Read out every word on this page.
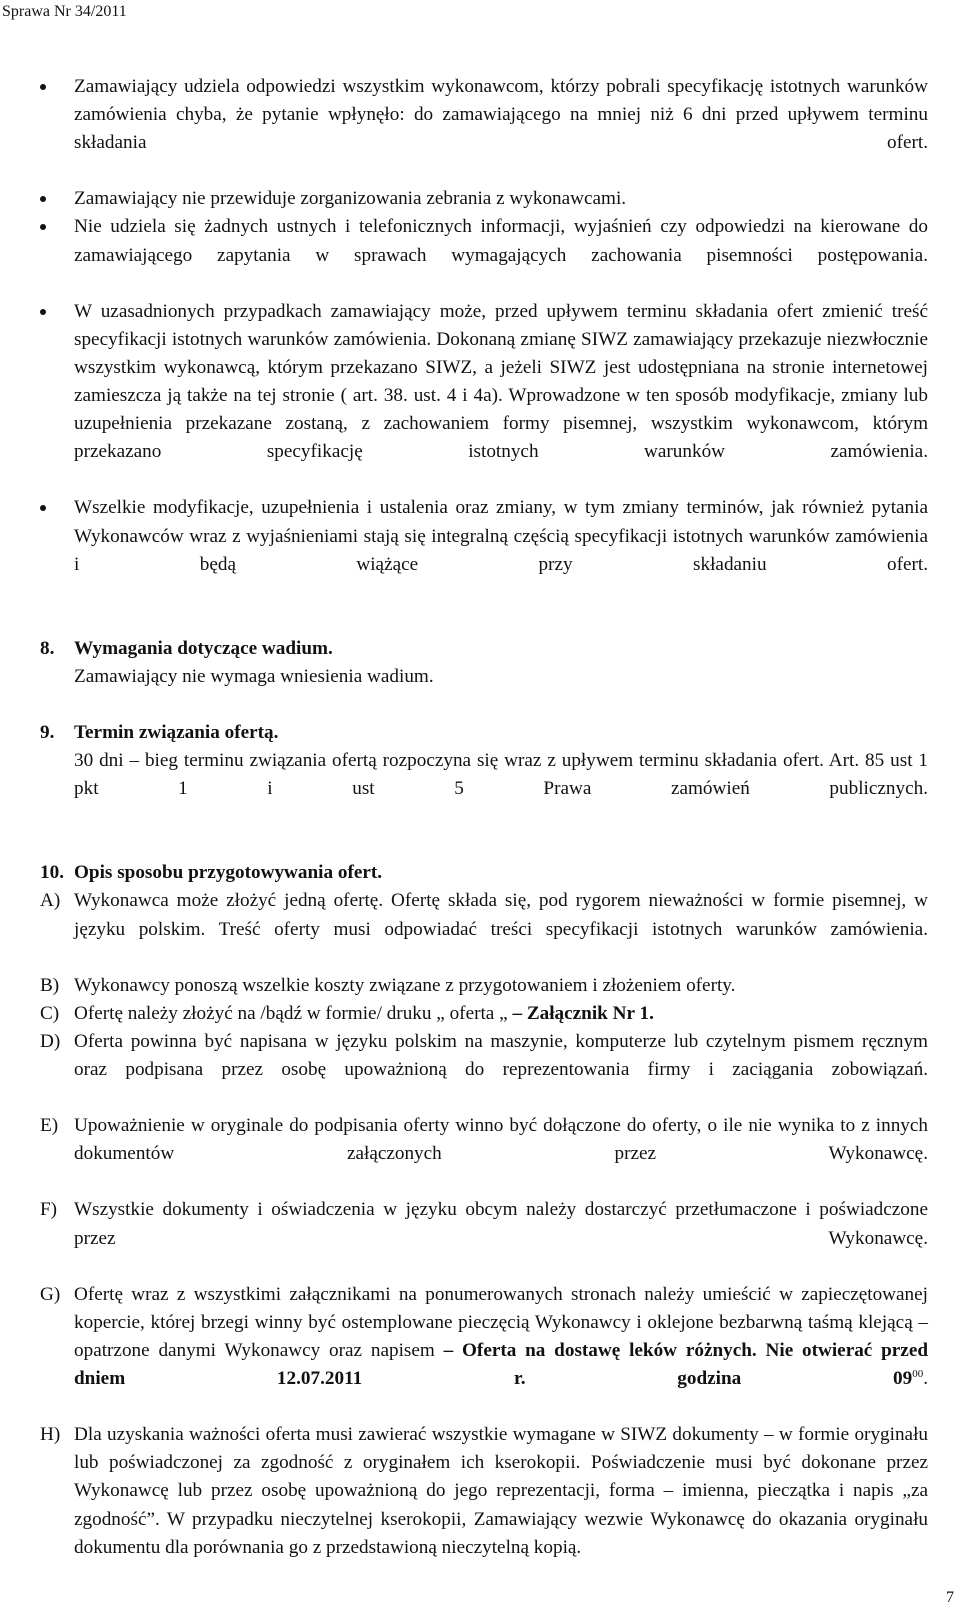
Sprawa Nr 34/2011
Zamawiający udziela odpowiedzi wszystkim wykonawcom, którzy pobrali specyfikację istotnych warunków zamówienia chyba, że pytanie wpłynęło: do zamawiającego na mniej niż 6 dni przed upływem terminu składania ofert.
Zamawiający nie przewiduje zorganizowania zebrania z wykonawcami.
Nie udziela się żadnych ustnych i telefonicznych informacji, wyjaśnień czy odpowiedzi na kierowane do zamawiającego zapytania w sprawach wymagających zachowania pisemności postępowania.
W uzasadnionych przypadkach zamawiający może, przed upływem terminu składania ofert zmienić treść specyfikacji istotnych warunków zamówienia. Dokonaną zmianę SIWZ zamawiający przekazuje niezwłocznie wszystkim wykonawcą, którym przekazano SIWZ, a jeżeli SIWZ jest udostępniana na stronie internetowej zamieszcza ją także na tej stronie ( art. 38. ust. 4 i 4a). Wprowadzone w ten sposób modyfikacje, zmiany lub uzupełnienia przekazane zostaną, z zachowaniem formy pisemnej, wszystkim wykonawcom, którym przekazano specyfikację istotnych warunków zamówienia.
Wszelkie modyfikacje, uzupełnienia i ustalenia oraz zmiany, w tym zmiany terminów, jak również pytania Wykonawców wraz z wyjaśnieniami stają się integralną częścią specyfikacji istotnych warunków zamówienia i będą wiążące przy składaniu ofert.
8. Wymagania dotyczące wadium.
Zamawiający nie wymaga wniesienia wadium.
9. Termin związania ofertą.
30 dni – bieg terminu związania ofertą rozpoczyna się wraz z upływem terminu składania ofert. Art. 85 ust 1 pkt 1 i ust 5 Prawa zamówień publicznych.
10. Opis sposobu przygotowywania ofert.
A) Wykonawca może złożyć jedną ofertę. Ofertę składa się, pod rygorem nieważności w formie pisemnej, w języku polskim. Treść oferty musi odpowiadać treści specyfikacji istotnych warunków zamówienia.
B) Wykonawcy ponoszą wszelkie koszty związane z przygotowaniem i złożeniem oferty.
C) Ofertę należy złożyć na /bądź w formie/ druku „ oferta „ – Załącznik Nr 1.
D) Oferta powinna być napisana w języku polskim na maszynie, komputerze lub czytelnym pismem ręcznym oraz podpisana przez osobę upoważnioną do reprezentowania firmy i zaciągania zobowiązań.
E) Upoważnienie w oryginale do podpisania oferty winno być dołączone do oferty, o ile nie wynika to z innych dokumentów załączonych przez Wykonawcę.
F) Wszystkie dokumenty i oświadczenia w języku obcym należy dostarczyć przetłumaczone i poświadczone przez Wykonawcę.
G) Ofertę wraz z wszystkimi załącznikami na ponumerowanych stronach należy umieścić w zapieczętowanej kopercie, której brzegi winny być ostemplowane pieczęcią Wykonawcy i oklejone bezbarwną taśmą klejącą – opatrzone danymi Wykonawcy oraz napisem – Oferta na dostawę leków różnych. Nie otwierać przed dniem 12.07.2011 r. godzina $09^{00}$.
H) Dla uzyskania ważności oferta musi zawierać wszystkie wymagane w SIWZ dokumenty – w formie oryginału lub poświadczonej za zgodność z oryginałem ich kserokopii. Poświadczenie musi być dokonane przez Wykonawcę lub przez osobę upoważnioną do jego reprezentacji, forma – imienna, pieczątka i napis „za zgodność”. W przypadku nieczytelnej kserokopii, Zamawiający wezwie Wykonawcę do okazania oryginału dokumentu dla porównania go z przedstawioną nieczytelną kopią.
7
